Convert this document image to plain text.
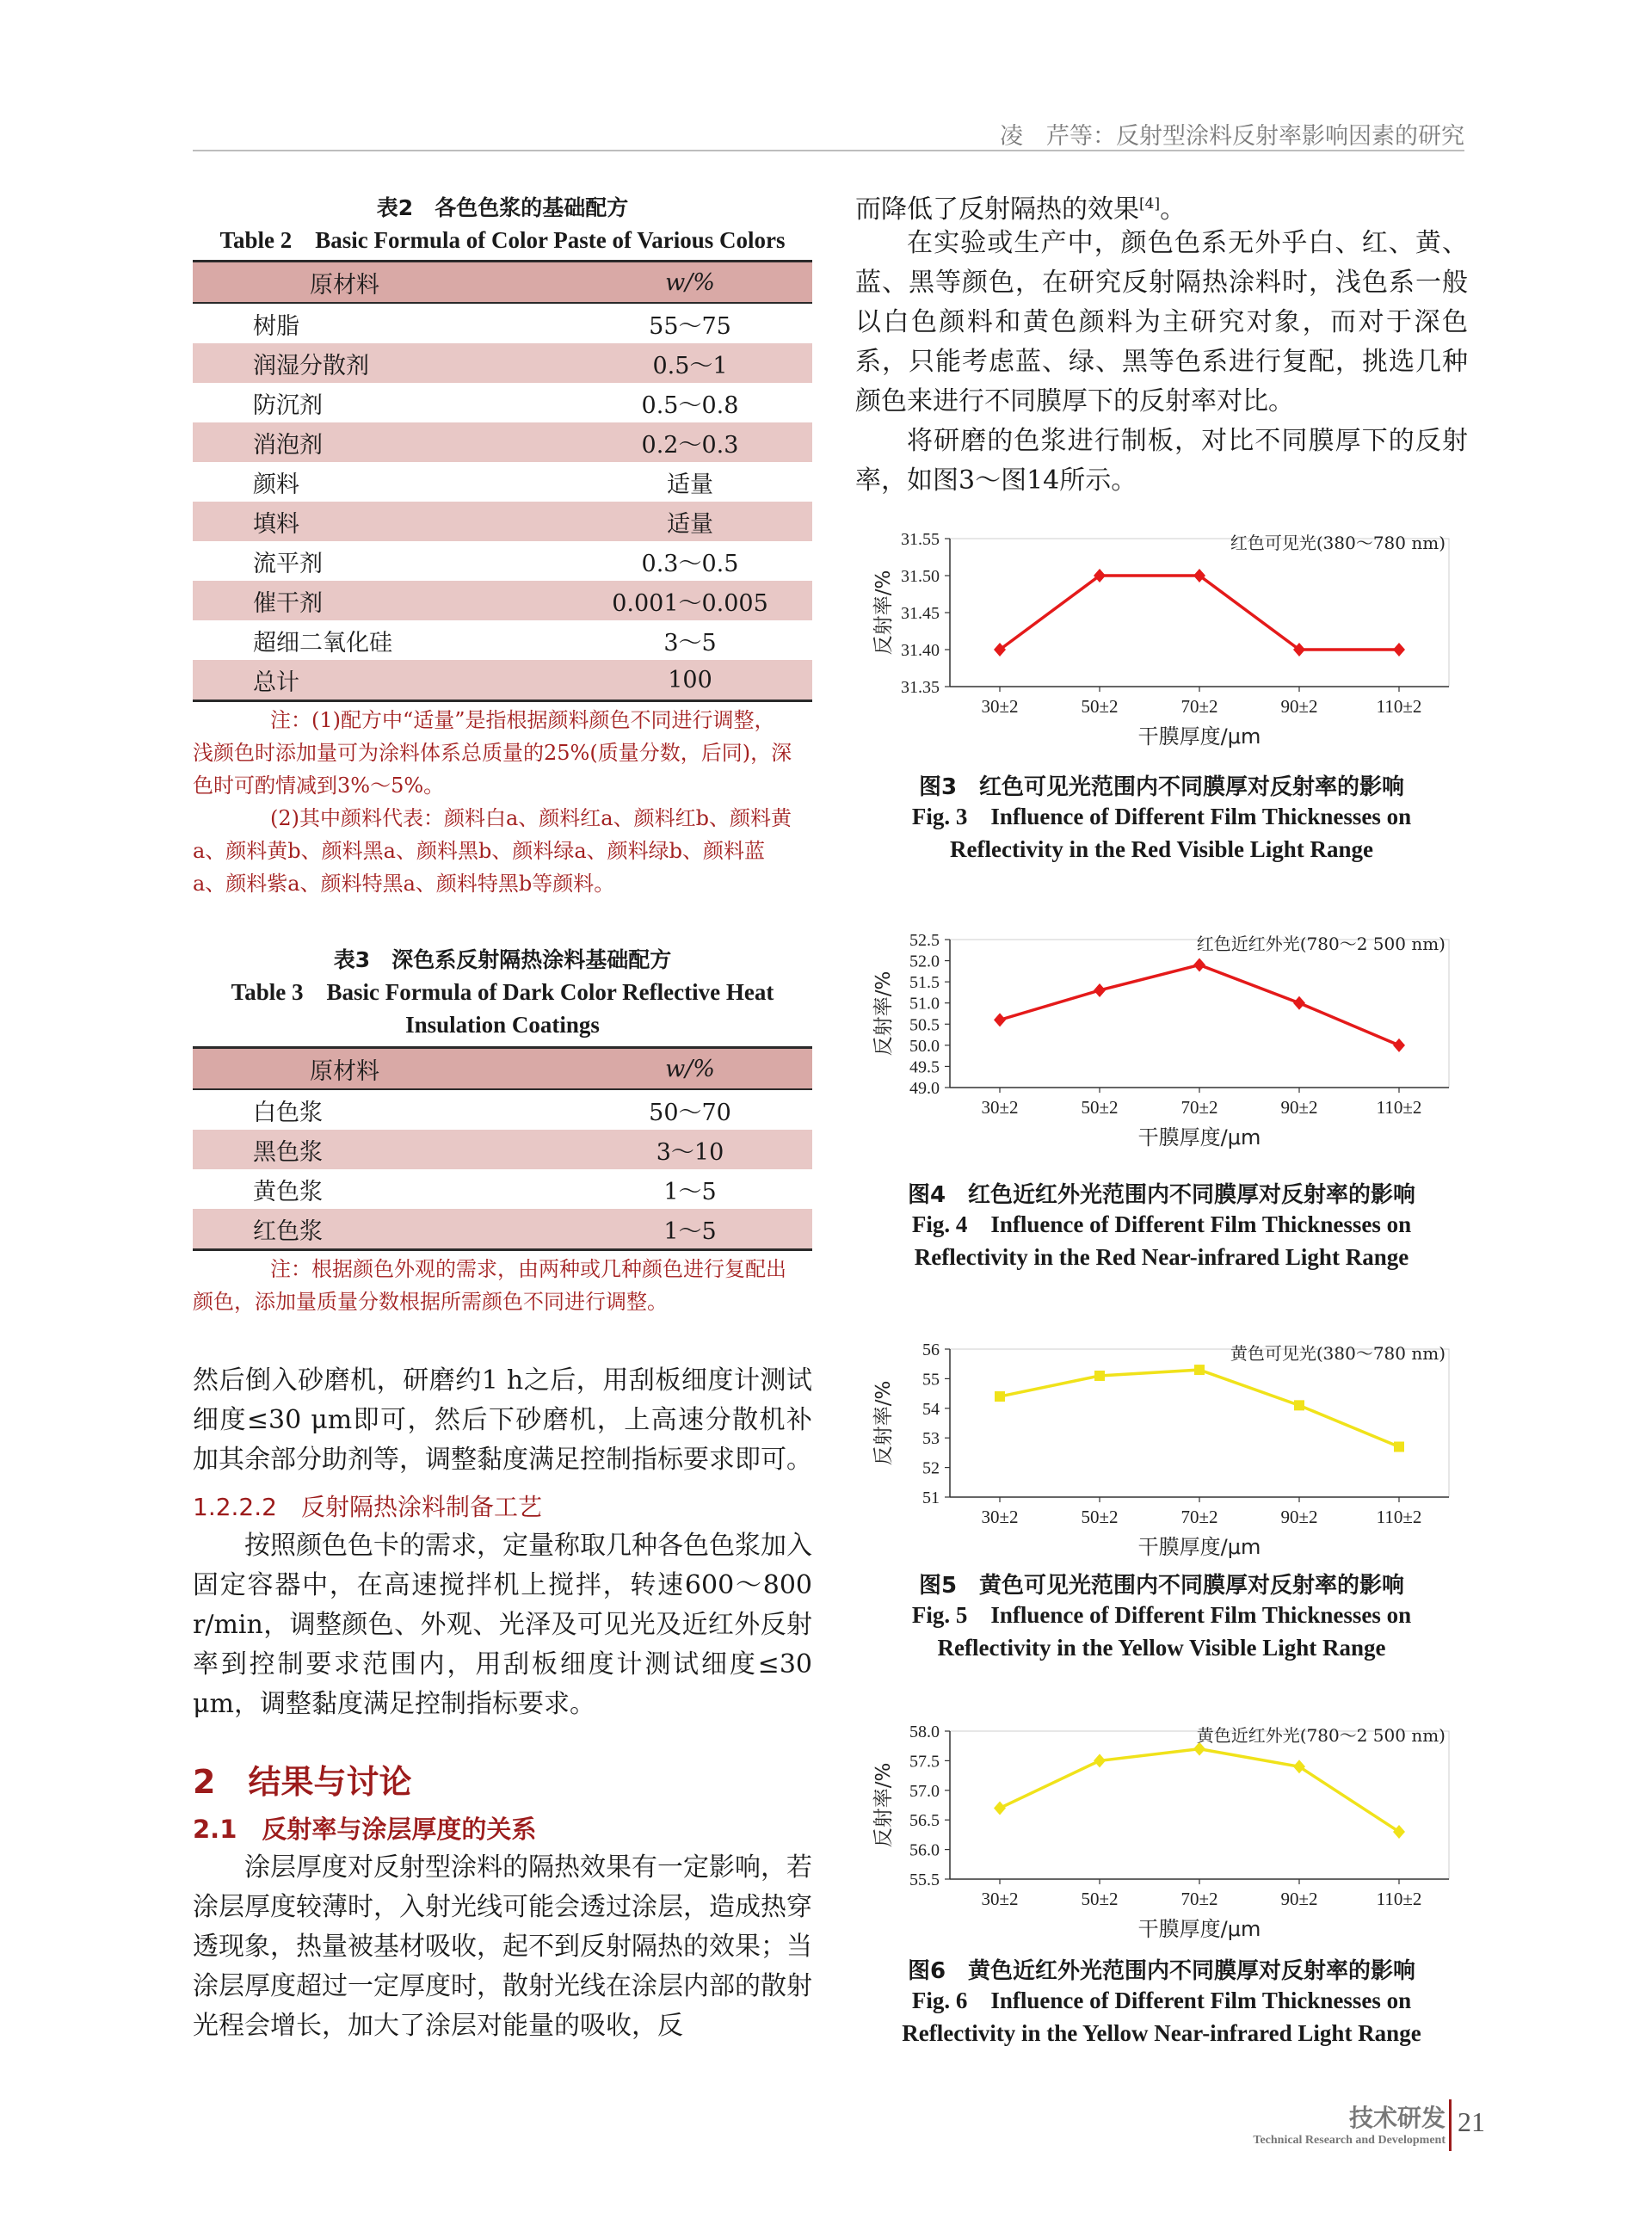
凌　芹等：反射型涂料反射率影响因素的研究
表2　各色色浆的基础配方
Table 2　Basic Formula of Color Paste of Various Colors
原材料	w/%
树脂	55～75
润湿分散剂	0.5～1
防沉剂	0.5～0.8
消泡剂	0.2～0.3
颜料	适量
填料	适量
流平剂	0.3～0.5
催干剂	0.001～0.005
超细二氧化硅	3～5
总计	100
注：(1)配方中“适量”是指根据颜料颜色不同进行调整，浅颜色时添加量可为涂料体系总质量的25%(质量分数，后同)，深色时可酌情减到3%～5%。
(2)其中颜料代表：颜料白a、颜料红a、颜料红b、颜料黄a、颜料黄b、颜料黑a、颜料黑b、颜料绿a、颜料绿b、颜料蓝a、颜料紫a、颜料特黑a、颜料特黑b等颜料。
表3　深色系反射隔热涂料基础配方
Table 3　Basic Formula of Dark Color Reflective Heat
Insulation Coatings
原材料	w/%
白色浆	50～70
黑色浆	3～10
黄色浆	1～5
红色浆	1～5
注：根据颜色外观的需求，由两种或几种颜色进行复配出颜色，添加量质量分数根据所需颜色不同进行调整。
然后倒入砂磨机，研磨约1 h之后，用刮板细度计测试细度≤30 μm即可，然后下砂磨机，上高速分散机补加其余部分助剂等，调整黏度满足控制指标要求即可。
1.2.2.2　反射隔热涂料制备工艺
按照颜色色卡的需求，定量称取几种各色色浆加入固定容器中，在高速搅拌机上搅拌，转速600～800 r/min，调整颜色、外观、光泽及可见光及近红外反射率到控制要求范围内，用刮板细度计测试细度≤30 μm，调整黏度满足控制指标要求。
2　结果与讨论
2.1　反射率与涂层厚度的关系
涂层厚度对反射型涂料的隔热效果有一定影响，若涂层厚度较薄时，入射光线可能会透过涂层，造成热穿透现象，热量被基材吸收，起不到反射隔热的效果；当涂层厚度超过一定厚度时，散射光线在涂层内部的散射光程会增长，加大了涂层对能量的吸收，反
而降低了反射隔热的效果[4]。
在实验或生产中，颜色色系无外乎白、红、黄、蓝、黑等颜色，在研究反射隔热涂料时，浅色系一般以白色颜料和黄色颜料为主研究对象，而对于深色系，只能考虑蓝、绿、黑等色系进行复配，挑选几种颜色来进行不同膜厚下的反射率对比。
将研磨的色浆进行制板，对比不同膜厚下的反射率，如图3～图14所示。
31.35
31.40
31.45
31.50
31.55
30±2	50±2	70±2	90±2	110±2
红色可见光(380～780 nm)
干膜厚度/μm
反射率/%
图3　红色可见光范围内不同膜厚对反射率的影响
Fig. 3　Influence of Different Film Thicknesses on
Reflectivity in the Red Visible Light Range
49.0
49.5
50.0
50.5
51.0
51.5
52.0
52.5
30±2	50±2	70±2	90±2	110±2
红色近红外光(780～2 500 nm)
干膜厚度/μm
反射率/%
图4　红色近红外光范围内不同膜厚对反射率的影响
Fig. 4　Influence of Different Film Thicknesses on
Reflectivity in the Red Near-infrared Light Range
51
52
53
54
55
56
30±2	50±2	70±2	90±2	110±2
黄色可见光(380～780 nm)
干膜厚度/μm
反射率/%
图5　黄色可见光范围内不同膜厚对反射率的影响
Fig. 5　Influence of Different Film Thicknesses on
Reflectivity in the Yellow Visible Light Range
55.5
56.0
56.5
57.0
57.5
58.0
30±2	50±2	70±2	90±2	110±2
黄色近红外光(780～2 500 nm)
干膜厚度/μm
反射率/%
图6　黄色近红外光范围内不同膜厚对反射率的影响
Fig. 6　Influence of Different Film Thicknesses on
Reflectivity in the Yellow Near-infrared Light Range
技术研发
Technical Research and Development
21
